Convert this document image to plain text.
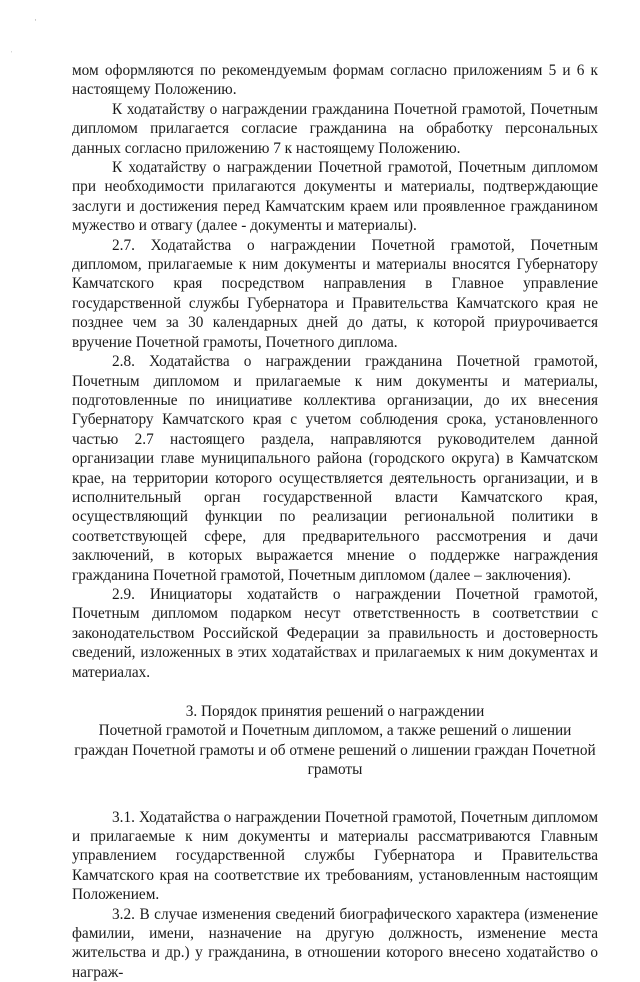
·
'

мом оформляются по рекомендуемым формам согласно приложениям 5 и 6 к настоящему Положению.

К ходатайству о награждении гражданина Почетной грамотой, Почетным дипломом прилагается согласие гражданина на обработку персональных данных согласно приложению 7 к настоящему Положению.

К ходатайству о награждении Почетной грамотой, Почетным дипломом при необходимости прилагаются документы и материалы, подтверждающие заслуги и достижения перед Камчатским краем или проявленное гражданином мужество и отвагу (далее - документы и материалы).

2.7. Ходатайства о награждении Почетной грамотой, Почетным дипломом, прилагаемые к ним документы и материалы вносятся Губернатору Камчатского края посредством направления в Главное управление государственной службы Губернатора и Правительства Камчатского края не позднее чем за 30 календарных дней до даты, к которой приурочивается вручение Почетной грамоты, Почетного диплома.

2.8. Ходатайства о награждении гражданина Почетной грамотой, Почетным дипломом и прилагаемые к ним документы и материалы, подготовленные по инициативе коллектива организации, до их внесения Губернатору Камчатского края с учетом соблюдения срока, установленного частью 2.7 настоящего раздела, направляются руководителем данной организации главе муниципального района (городского округа) в Камчатском крае, на территории которого осуществляется деятельность организации, и в исполнительный орган государственной власти Камчатского края, осуществляющий функции по реализации региональной политики в соответствующей сфере, для предварительного рассмотрения и дачи заключений, в которых выражается мнение о поддержке награждения гражданина Почетной грамотой, Почетным дипломом (далее – заключения).

2.9. Инициаторы ходатайств о награждении Почетной грамотой, Почетным дипломом подарком несут ответственность в соответствии с законодательством Российской Федерации за правильность и достоверность сведений, изложенных в этих ходатайствах и прилагаемых к ним документах и материалах.

3. Порядок принятия решений о награждении

Почетной грамотой и Почетным дипломом, а также решений о лишении граждан Почетной грамоты и об отмене решений о лишении граждан Почетной грамоты

3.1. Ходатайства о награждении Почетной грамотой, Почетным дипломом и прилагаемые к ним документы и материалы рассматриваются Главным управлением государственной службы Губернатора и Правительства Камчатского края на соответствие их требованиям, установленным настоящим Положением.

3.2. В случае изменения сведений биографического характера (изменение фамилии, имени, назначение на другую должность, изменение места жительства и др.) у гражданина, в отношении которого внесено ходатайство о награж-
